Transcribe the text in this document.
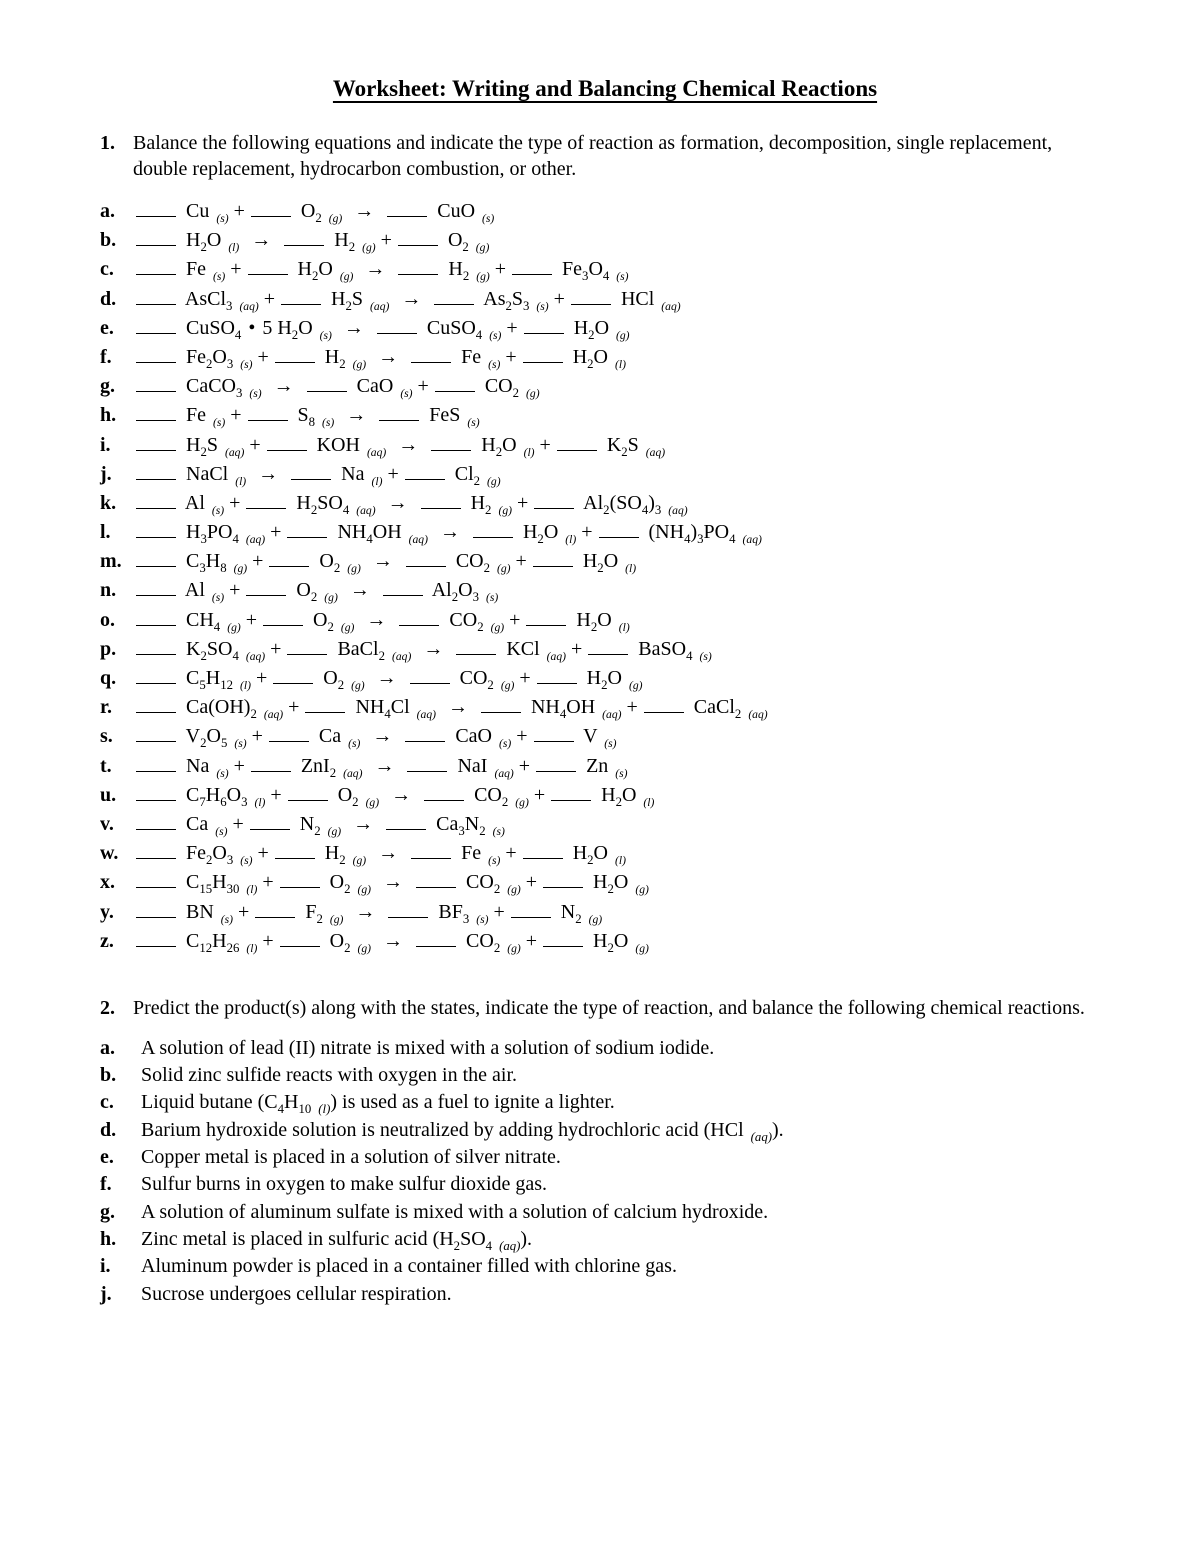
Worksheet: Writing and Balancing Chemical Reactions
1. Balance the following equations and indicate the type of reaction as formation, decomposition, single replacement, double replacement, hydrocarbon combustion, or other.
a.	Cu $_{(s)} + O_2$ $_{(g)}$ →	CuO $_{(s)}$
b.	$H_2O$ $_{(l)}$ →	$H_2$ $_{(g)} + O_2$ $_{(g)}$
c.	Fe $_{(s)} + H_2O$ $_{(g)}$ →	$H_2$ $_{(g)} + Fe_3O_4$ $_{(s)}$
d.	AsCl$_3$ $_{(aq)} + H_2S$ $_{(aq)}$ →	$As_2S_3$ $_{(s)}$ +  HCl $_{(aq)}$
e.	CuSO$_4$ • 5 $H_2O$ $_{(s)}$ →	CuSO$_4$ $_{(s)} + H_2O$ $_{(g)}$
f.	$Fe_2O_3$ $_{(s)} + H_2$ $_{(g)}$ →	Fe $_{(s)} + H_2O$ $_{(l)}$
g.	CaCO$_3$ $_{(s)}$ →	CaO $_{(s)} + CO_2$ $_{(g)}$
h.	Fe $_{(s)} + S_8$ $_{(s)}$ →	FeS $_{(s)}$
i.	$H_2S$ $_{(aq)}$ +  KOH $_{(aq)}$ →	$H_2O$ $_{(l)} + K_2S$ $_{(aq)}$
j.	NaCl $_{(l)}$ →	Na $_{(l)} + Cl_2$ $_{(g)}$
k.	Al $_{(s)} + H_2SO_4$ $_{(aq)}$ →	$H_2$ $_{(g)} + Al_2(SO_4)_3$ $_{(aq)}$
l.	$H_3PO_4$ $_{(aq)} + NH_4OH$ $_{(aq)}$ →	$H_2O$ $_{(l)} + (NH_4)_3PO_4$ $_{(aq)}$
m.	$C_3H_8$ $_{(g)} + O_2$ $_{(g)}$ →	$CO_2$ $_{(g)} + H_2O$ $_{(l)}$
n.	Al $_{(s)} + O_2$ $_{(g)}$ →	$Al_2O_3$ $_{(s)}$
o.	$CH_4$ $_{(g)} + O_2$ $_{(g)}$ →	$CO_2$ $_{(g)} + H_2O$ $_{(l)}$
p.	$K_2SO_4$ $_{(aq)}$ +  BaCl$_2$ $_{(aq)}$ →	KCl $_{(aq)}$ +  BaSO$_4$ $_{(s)}$
q.	$C_5H_{12}$ $_{(l)} + O_2$ $_{(g)}$ →	$CO_2$ $_{(g)} + H_2O$ $_{(g)}$
r.	$Ca(OH)_2$ $_{(aq)} + NH_4Cl$ $_{(aq)}$ →	$NH_4OH$ $_{(aq)}$ +  CaCl$_2$ $_{(aq)}$
s.	$V_2O_5$ $_{(s)}$ +  Ca $_{(s)}$ →	CaO $_{(s)}$ +  V $_{(s)}$
t.	Na $_{(s)}$ +  ZnI$_2$ $_{(aq)}$ →	NaI $_{(aq)}$ +  Zn $_{(s)}$
u.	$C_7H_6O_3$ $_{(l)} + O_2$ $_{(g)}$ →	$CO_2$ $_{(g)} + H_2O$ $_{(l)}$
v.	Ca $_{(s)} + N_2$ $_{(g)}$ →	$Ca_3N_2$ $_{(s)}$
w.	$Fe_2O_3$ $_{(s)} + H_2$ $_{(g)}$ →	Fe $_{(s)} + H_2O$ $_{(l)}$
x.	$C_{15}H_{30}$ $_{(l)} + O_2$ $_{(g)}$ →	$CO_2$ $_{(g)} + H_2O$ $_{(g)}$
y.	BN $_{(s)} + F_2$ $_{(g)}$ →	$BF_3$ $_{(s)} + N_2$ $_{(g)}$
z.	$C_{12}H_{26}$ $_{(l)} + O_2$ $_{(g)}$ →	$CO_2$ $_{(g)} + H_2O$ $_{(g)}$
2. Predict the product(s) along with the states, indicate the type of reaction, and balance the following chemical reactions.
a.	A solution of lead (II) nitrate is mixed with a solution of sodium iodide.
b.	Solid zinc sulfide reacts with oxygen in the air.
c.	Liquid butane ($C_4H_{10}$ $_{(l)}$) is used as a fuel to ignite a lighter.
d.	Barium hydroxide solution is neutralized by adding hydrochloric acid (HCl $_{(aq)}$).
e.	Copper metal is placed in a solution of silver nitrate.
f.	Sulfur burns in oxygen to make sulfur dioxide gas.
g.	A solution of aluminum sulfate is mixed with a solution of calcium hydroxide.
h.	Zinc metal is placed in sulfuric acid ($H_2SO_4$ $_{(aq)}$).
i.	Aluminum powder is placed in a container filled with chlorine gas.
j.	Sucrose undergoes cellular respiration.
